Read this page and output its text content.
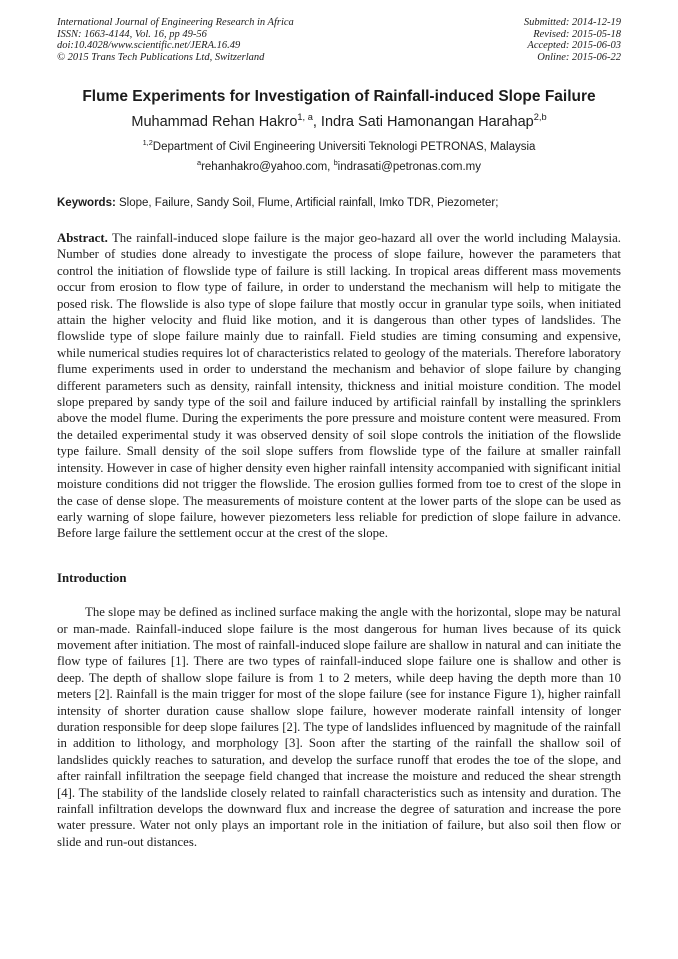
International Journal of Engineering Research in Africa
ISSN: 1663-4144, Vol. 16, pp 49-56
doi:10.4028/www.scientific.net/JERA.16.49
© 2015 Trans Tech Publications Ltd, Switzerland
Submitted: 2014-12-19
Revised: 2015-05-18
Accepted: 2015-06-03
Online: 2015-06-22
Flume Experiments for Investigation of Rainfall-induced Slope Failure

Muhammad Rehan Hakro$^{1, a}$, Indra Sati Hamonangan Harahap$^{2,b}$

$^{1,2}$Department of Civil Engineering Universiti Teknologi PETRONAS, Malaysia

$^a$rehanhakro@yahoo.com, $^b$indrasati@petronas.com.my

Keywords: Slope, Failure, Sandy Soil, Flume, Artificial rainfall, Imko TDR, Piezometer;

Abstract. The rainfall-induced slope failure is the major geo-hazard all over the world including Malaysia. Number of studies done already to investigate the process of slope failure, however the parameters that control the initiation of flowslide type of failure is still lacking. In tropical areas different mass movements occur from erosion to flow type of failure, in order to understand the mechanism will help to mitigate the posed risk. The flowslide is also type of slope failure that mostly occur in granular type soils, when initiated attain the higher velocity and fluid like motion, and it is dangerous than other types of landslides. The flowslide type of slope failure mainly due to rainfall. Field studies are timing consuming and expensive, while numerical studies requires lot of characteristics related to geology of the materials. Therefore laboratory flume experiments used in order to understand the mechanism and behavior of slope failure by changing different parameters such as density, rainfall intensity, thickness and initial moisture condition. The model slope prepared by sandy type of the soil and failure induced by artificial rainfall by installing the sprinklers above the model flume. During the experiments the pore pressure and moisture content were measured. From the detailed experimental study it was observed density of soil slope controls the initiation of the flowslide type failure. Small density of the soil slope suffers from flowslide type of the failure at smaller rainfall intensity. However in case of higher density even higher rainfall intensity accompanied with significant initial moisture conditions did not trigger the flowslide. The erosion gullies formed from toe to crest of the slope in the case of dense slope. The measurements of moisture content at the lower parts of the slope can be used as early warning of slope failure, however piezometers less reliable for prediction of slope failure in advance. Before large failure the settlement occur at the crest of the slope.

Introduction

The slope may be defined as inclined surface making the angle with the horizontal, slope may be natural or man-made. Rainfall-induced slope failure is the most dangerous for human lives because of its quick movement after initiation. The most of rainfall-induced slope failure are shallow in natural and can initiate the flow type of failures [1]. There are two types of rainfall-induced slope failure one is shallow and other is deep. The depth of shallow slope failure is from 1 to 2 meters, while deep having the depth more than 10 meters [2]. Rainfall is the main trigger for most of the slope failure (see for instance Figure 1), higher rainfall intensity of shorter duration cause shallow slope failure, however moderate rainfall intensity of longer duration responsible for deep slope failures [2]. The type of landslides influenced by magnitude of the rainfall in addition to lithology, and morphology [3]. Soon after the starting of the rainfall the shallow soil of landslides quickly reaches to saturation, and develop the surface runoff that erodes the toe of the slope, and after rainfall infiltration the seepage field changed that increase the moisture and reduced the shear strength [4]. The stability of the landslide closely related to rainfall characteristics such as intensity and duration. The rainfall infiltration develops the downward flux and increase the degree of saturation and increase the pore water pressure. Water not only plays an important role in the initiation of failure, but also soil then flow or slide and run-out distances.
